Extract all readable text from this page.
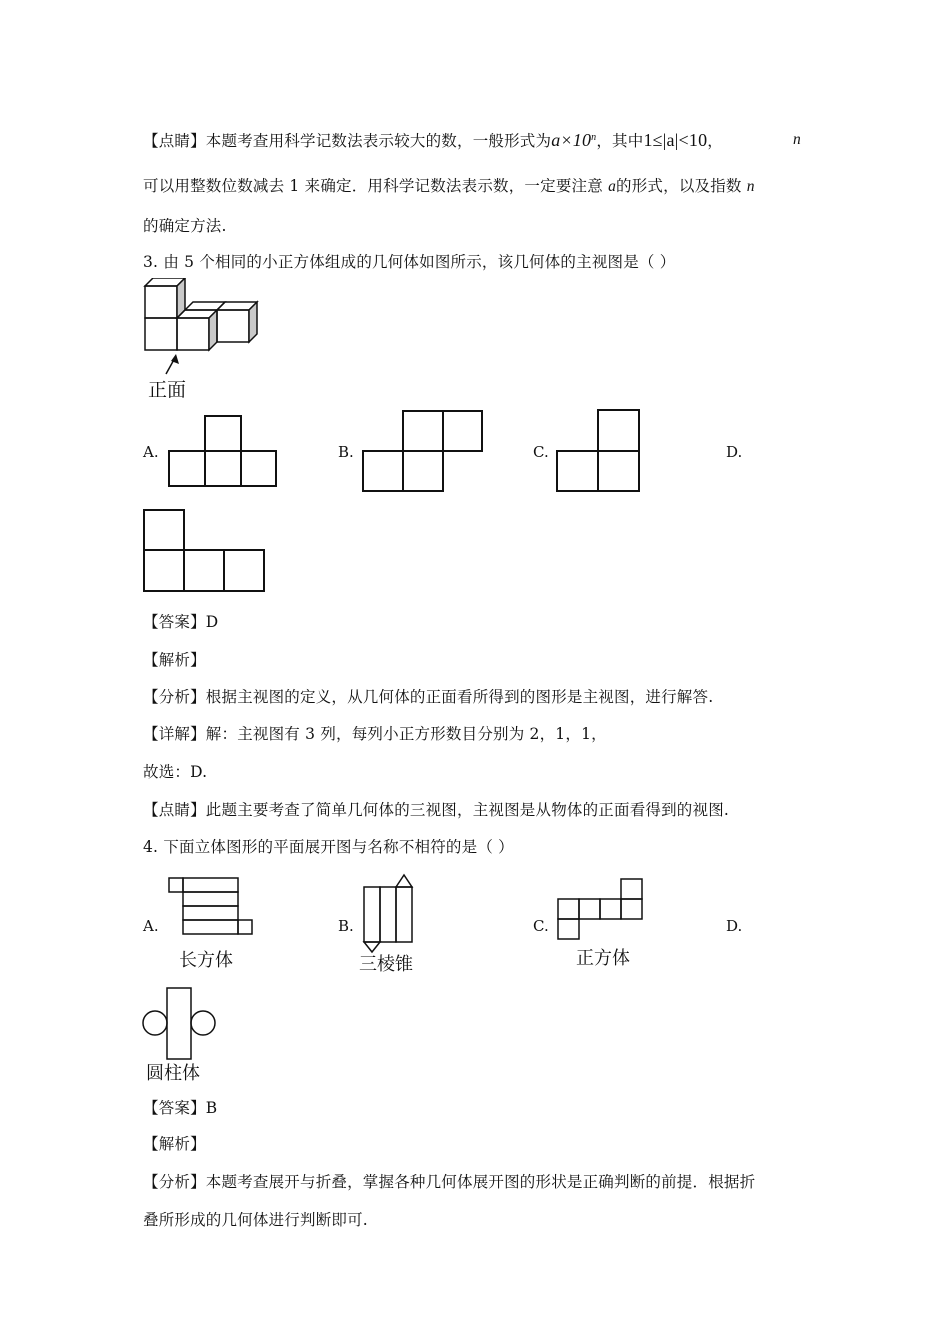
【点睛】本题考查用科学记数法表示较大的数，一般形式为$a\times 10^n$，其中1≤|a|<10，	n
可以用整数位数减去 1 来确定．用科学记数法表示数，一定要注意 a的形式，以及指数 n
的确定方法.
3. 由 5 个相同的小正方体组成的几何体如图所示，该几何体的主视图是（ ）
正面
A.	B.	C.	D.
【答案】D
【解析】
【分析】根据主视图的定义，从几何体的正面看所得到的图形是主视图，进行解答.
【详解】解：主视图有 3 列，每列小正方形数目分别为 2，1，1，
故选：D.
【点睛】此题主要考查了简单几何体的三视图，主视图是从物体的正面看得到的视图.
4. 下面立体图形的平面展开图与名称不相符的是（ ）
A.
长方体
B.
三棱锥
C.
正方体
D.
圆柱体
【答案】B
【解析】
【分析】本题考查展开与折叠，掌握各种几何体展开图的形状是正确判断的前提．根据折
叠所形成的几何体进行判断即可.
